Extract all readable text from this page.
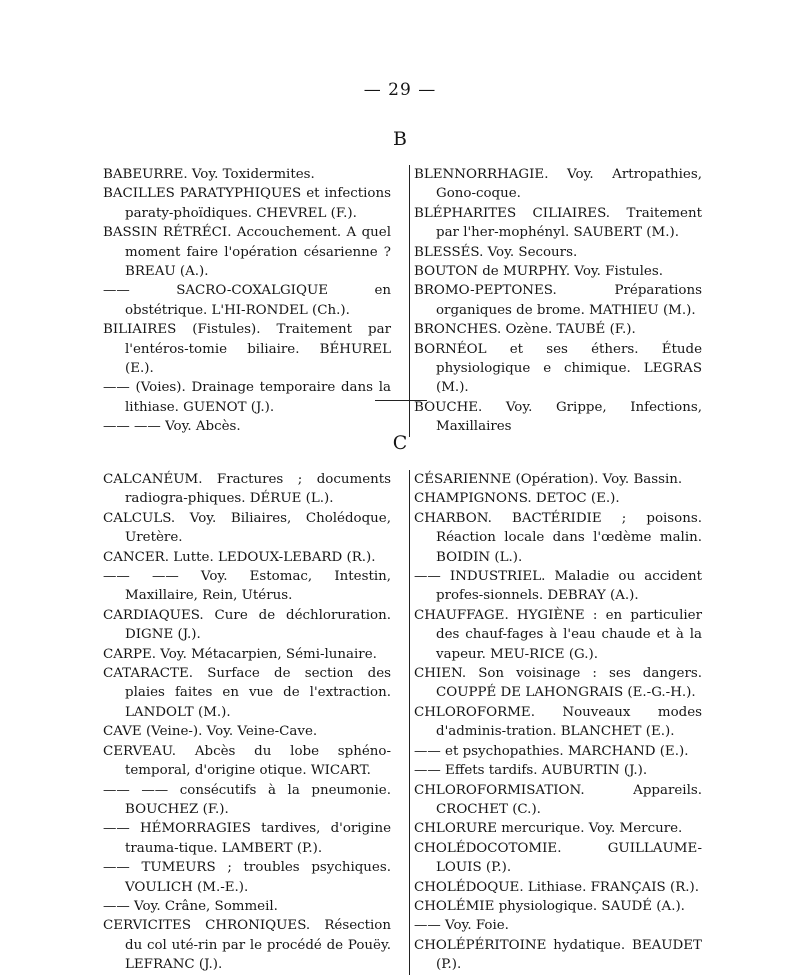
— 29 —
B
BABEURRE. Voy. Toxidermites.
BACILLES PARATYPHIQUES et infections paraty-phoïdiques. CHEVREL (F.).
BASSIN RÉTRÉCI. Accouchement. A quel moment faire l'opération césarienne ? BREAU (A.).
—— SACRO-COXALGIQUE en obstétrique. L'HI-RONDEL (Ch.).
BILIAIRES (Fistules). Traitement par l'entéros-tomie biliaire. BÉHUREL (E.).
—— (Voies). Drainage temporaire dans la lithiase. GUENOT (J.).
—— —— Voy. Abcès.
BLENNORRHAGIE. Voy. Artropathies, Gono-coque.
BLÉPHARITES CILIAIRES. Traitement par l'her-mophényl. SAUBERT (M.).
BLESSÉS. Voy. Secours.
BOUTON de MURPHY. Voy. Fistules.
BROMO-PEPTONES. Préparations organiques de brome. MATHIEU (M.).
BRONCHES. Ozène. TAUBÉ (F.).
BORNÉOL et ses éthers. Étude physiologique e chimique. LEGRAS (M.).
BOUCHE. Voy. Grippe, Infections, Maxillaires
C
CALCANÉUM. Fractures ; documents radiogra-phiques. DÉRUE (L.).
CALCULS. Voy. Biliaires, Cholédoque, Uretère.
CANCER. Lutte. LEDOUX-LEBARD (R.).
—— —— Voy. Estomac, Intestin, Maxillaire, Rein, Utérus.
CARDIAQUES. Cure de déchloruration. DIGNE (J.).
CARPE. Voy. Métacarpien, Sémi-lunaire.
CATARACTE. Surface de section des plaies faites en vue de l'extraction. LANDOLT (M.).
CAVE (Veine-). Voy. Veine-Cave.
CERVEAU. Abcès du lobe sphéno-temporal, d'origine otique. WICART.
—— —— consécutifs à la pneumonie. BOUCHEZ (F.).
—— HÉMORRAGIES tardives, d'origine trauma-tique. LAMBERT (P.).
—— TUMEURS ; troubles psychiques. VOULICH (M.-E.).
—— Voy. Crâne, Sommeil.
CERVICITES CHRONIQUES. Résection du col uté-rin par le procédé de Pouëy. LEFRANC (J.).
CÉSARIENNE (Opération). Voy. Bassin.
CHAMPIGNONS. DETOC (E.).
CHARBON. BACTÉRIDIE ; poisons. Réaction locale dans l'œdème malin. BOIDIN (L.).
—— INDUSTRIEL. Maladie ou accident profes-sionnels. DEBRAY (A.).
CHAUFFAGE. HYGIÈNE : en particulier des chauf-fages à l'eau chaude et à la vapeur. MEU-RICE (G.).
CHIEN. Son voisinage : ses dangers. COUPPÉ DE LAHONGRAIS (E.-G.-H.).
CHLOROFORME. Nouveaux modes d'adminis-tration. BLANCHET (E.).
—— et psychopathies. MARCHAND (E.).
—— Effets tardifs. AUBURTIN (J.).
CHLOROFORMISATION. Appareils. CROCHET (C.).
CHLORURE mercurique. Voy. Mercure.
CHOLÉDOCOTOMIE. GUILLAUME-LOUIS (P.).
CHOLÉDOQUE. Lithiase. FRANÇAIS (R.).
CHOLÉMIE physiologique. SAUDÉ (A.).
—— Voy. Foie.
CHOLÉPÉRITOINE hydatique. BEAUDET (P.).
